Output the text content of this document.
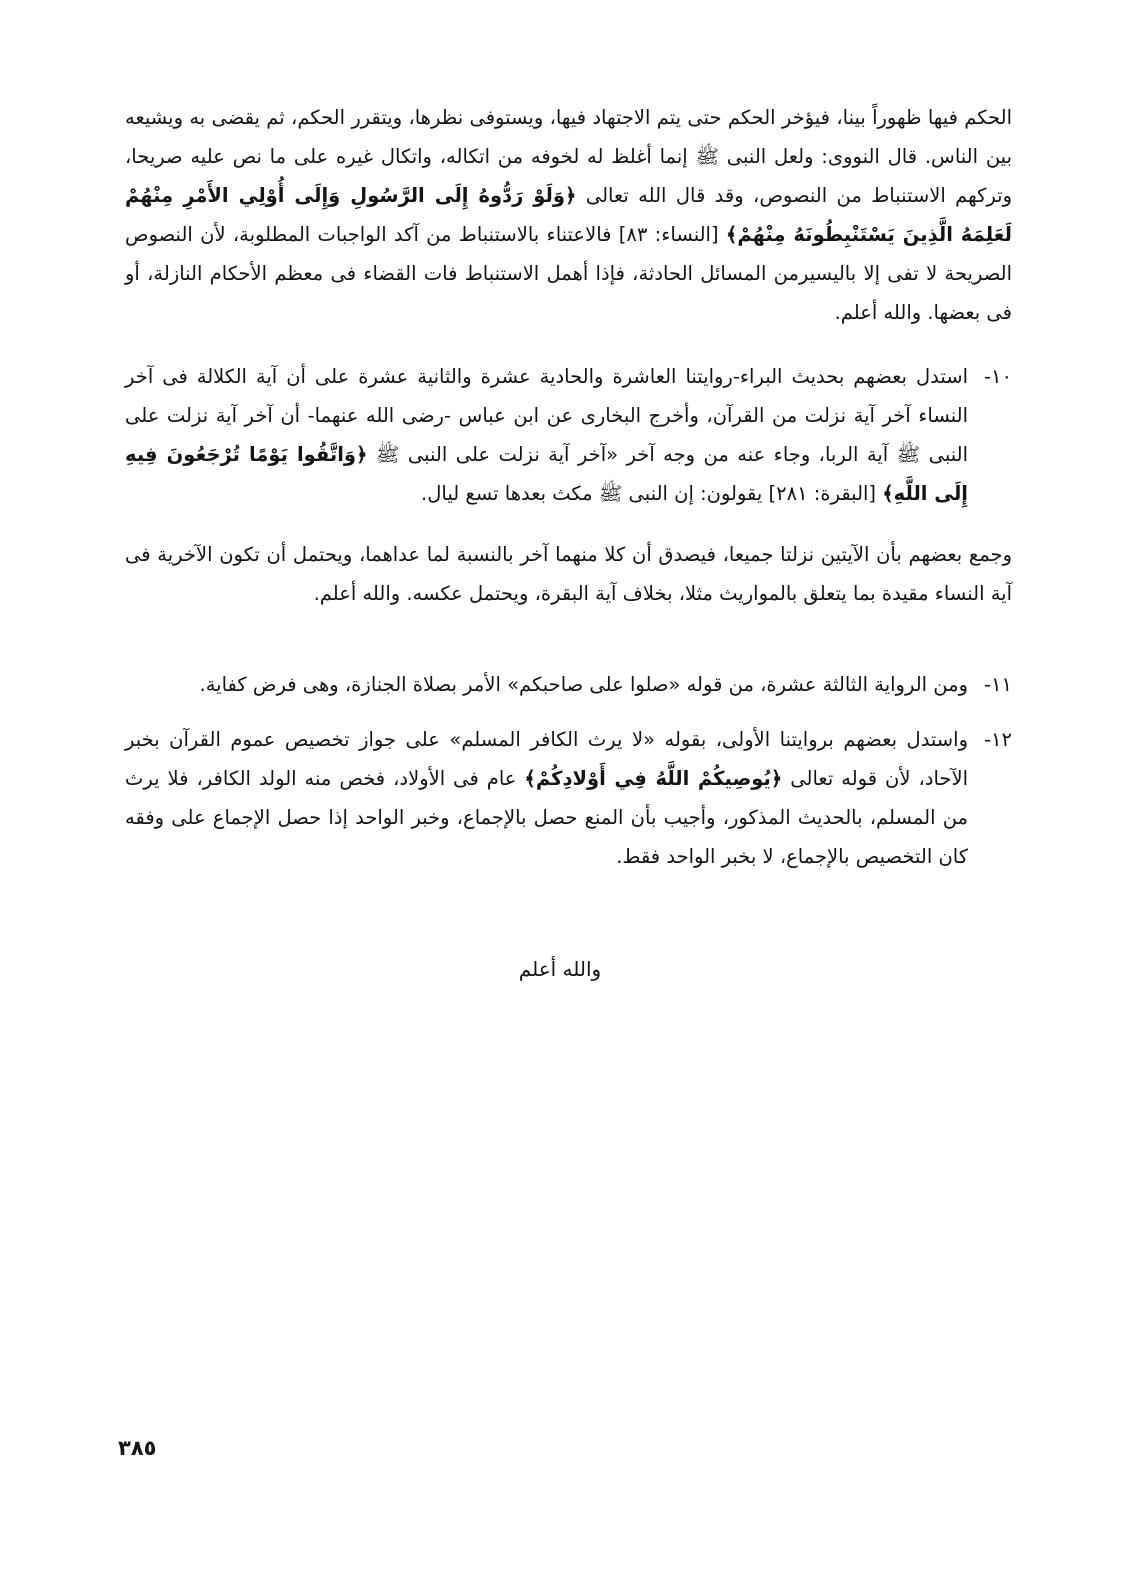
الحكم فيها ظهوراً بينا، فيؤخر الحكم حتى يتم الاجتهاد فيها، ويستوفى نظرها، ويتقرر الحكم، ثم يقضى به ويشيعه بين الناس. قال النووى: ولعل النبى ﷺ إنما أغلظ له لخوفه من اتكاله، واتكال غيره على ما نص عليه صريحا، وتركهم الاستنباط من النصوص، وقد قال الله تعالى ﴿وَلَوْ رَدُّوهُ إِلَى الرَّسُولِ وَإِلَى أُوْلِي الأَمْرِ مِنْهُمْ لَعَلِمَهُ الَّذِينَ يَسْتَنْبِطُونَهُ مِنْهُمْ﴾ [النساء: ٨٣] فالاعتناء بالاستنباط من آكد الواجبات المطلوبة، لأن النصوص الصريحة لا تفى إلا باليسيرمن المسائل الحادثة، فإذا أهمل الاستنباط فات القضاء فى معظم الأحكام النازلة، أو فى بعضها. والله أعلم.
١٠-
استدل بعضهم بحديث البراء-روايتنا العاشرة والحادية عشرة والثانية عشرة على أن آية الكلالة فى آخر النساء آخر آية نزلت من القرآن، وأخرج البخارى عن ابن عباس -رضى الله عنهما- أن آخر آية نزلت على النبى ﷺ آية الربا، وجاء عنه من وجه آخر «آخر آية نزلت على النبى ﷺ ﴿وَاتَّقُوا يَوْمًا تُرْجَعُونَ فِيهِ إِلَى اللَّهِ﴾ [البقرة: ٢٨١] يقولون: إن النبى ﷺ مكث بعدها تسع ليال.
وجمع بعضهم بأن الآيتين نزلتا جميعا، فيصدق أن كلا منهما آخر بالنسبة لما عداهما، ويحتمل أن تكون الآخرية فى آية النساء مقيدة بما يتعلق بالمواريث مثلا، بخلاف آية البقرة، ويحتمل عكسه. والله أعلم.
١١-
ومن الرواية الثالثة عشرة، من قوله «صلوا على صاحبكم» الأمر بصلاة الجنازة، وهى فرض كفاية.
١٢-
واستدل بعضهم بروايتنا الأولى، بقوله «لا يرث الكافر المسلم» على جواز تخصيص عموم القرآن بخبر الآحاد، لأن قوله تعالى ﴿يُوصِيكُمْ اللَّهُ فِي أَوْلادِكُمْ﴾ عام فى الأولاد، فخص منه الولد الكافر، فلا يرث من المسلم، بالحديث المذكور، وأجيب بأن المنع حصل بالإجماع، وخبر الواحد إذا حصل الإجماع على وفقه كان التخصيص بالإجماع، لا بخبر الواحد فقط.
والله أعلم
٣٨٥
